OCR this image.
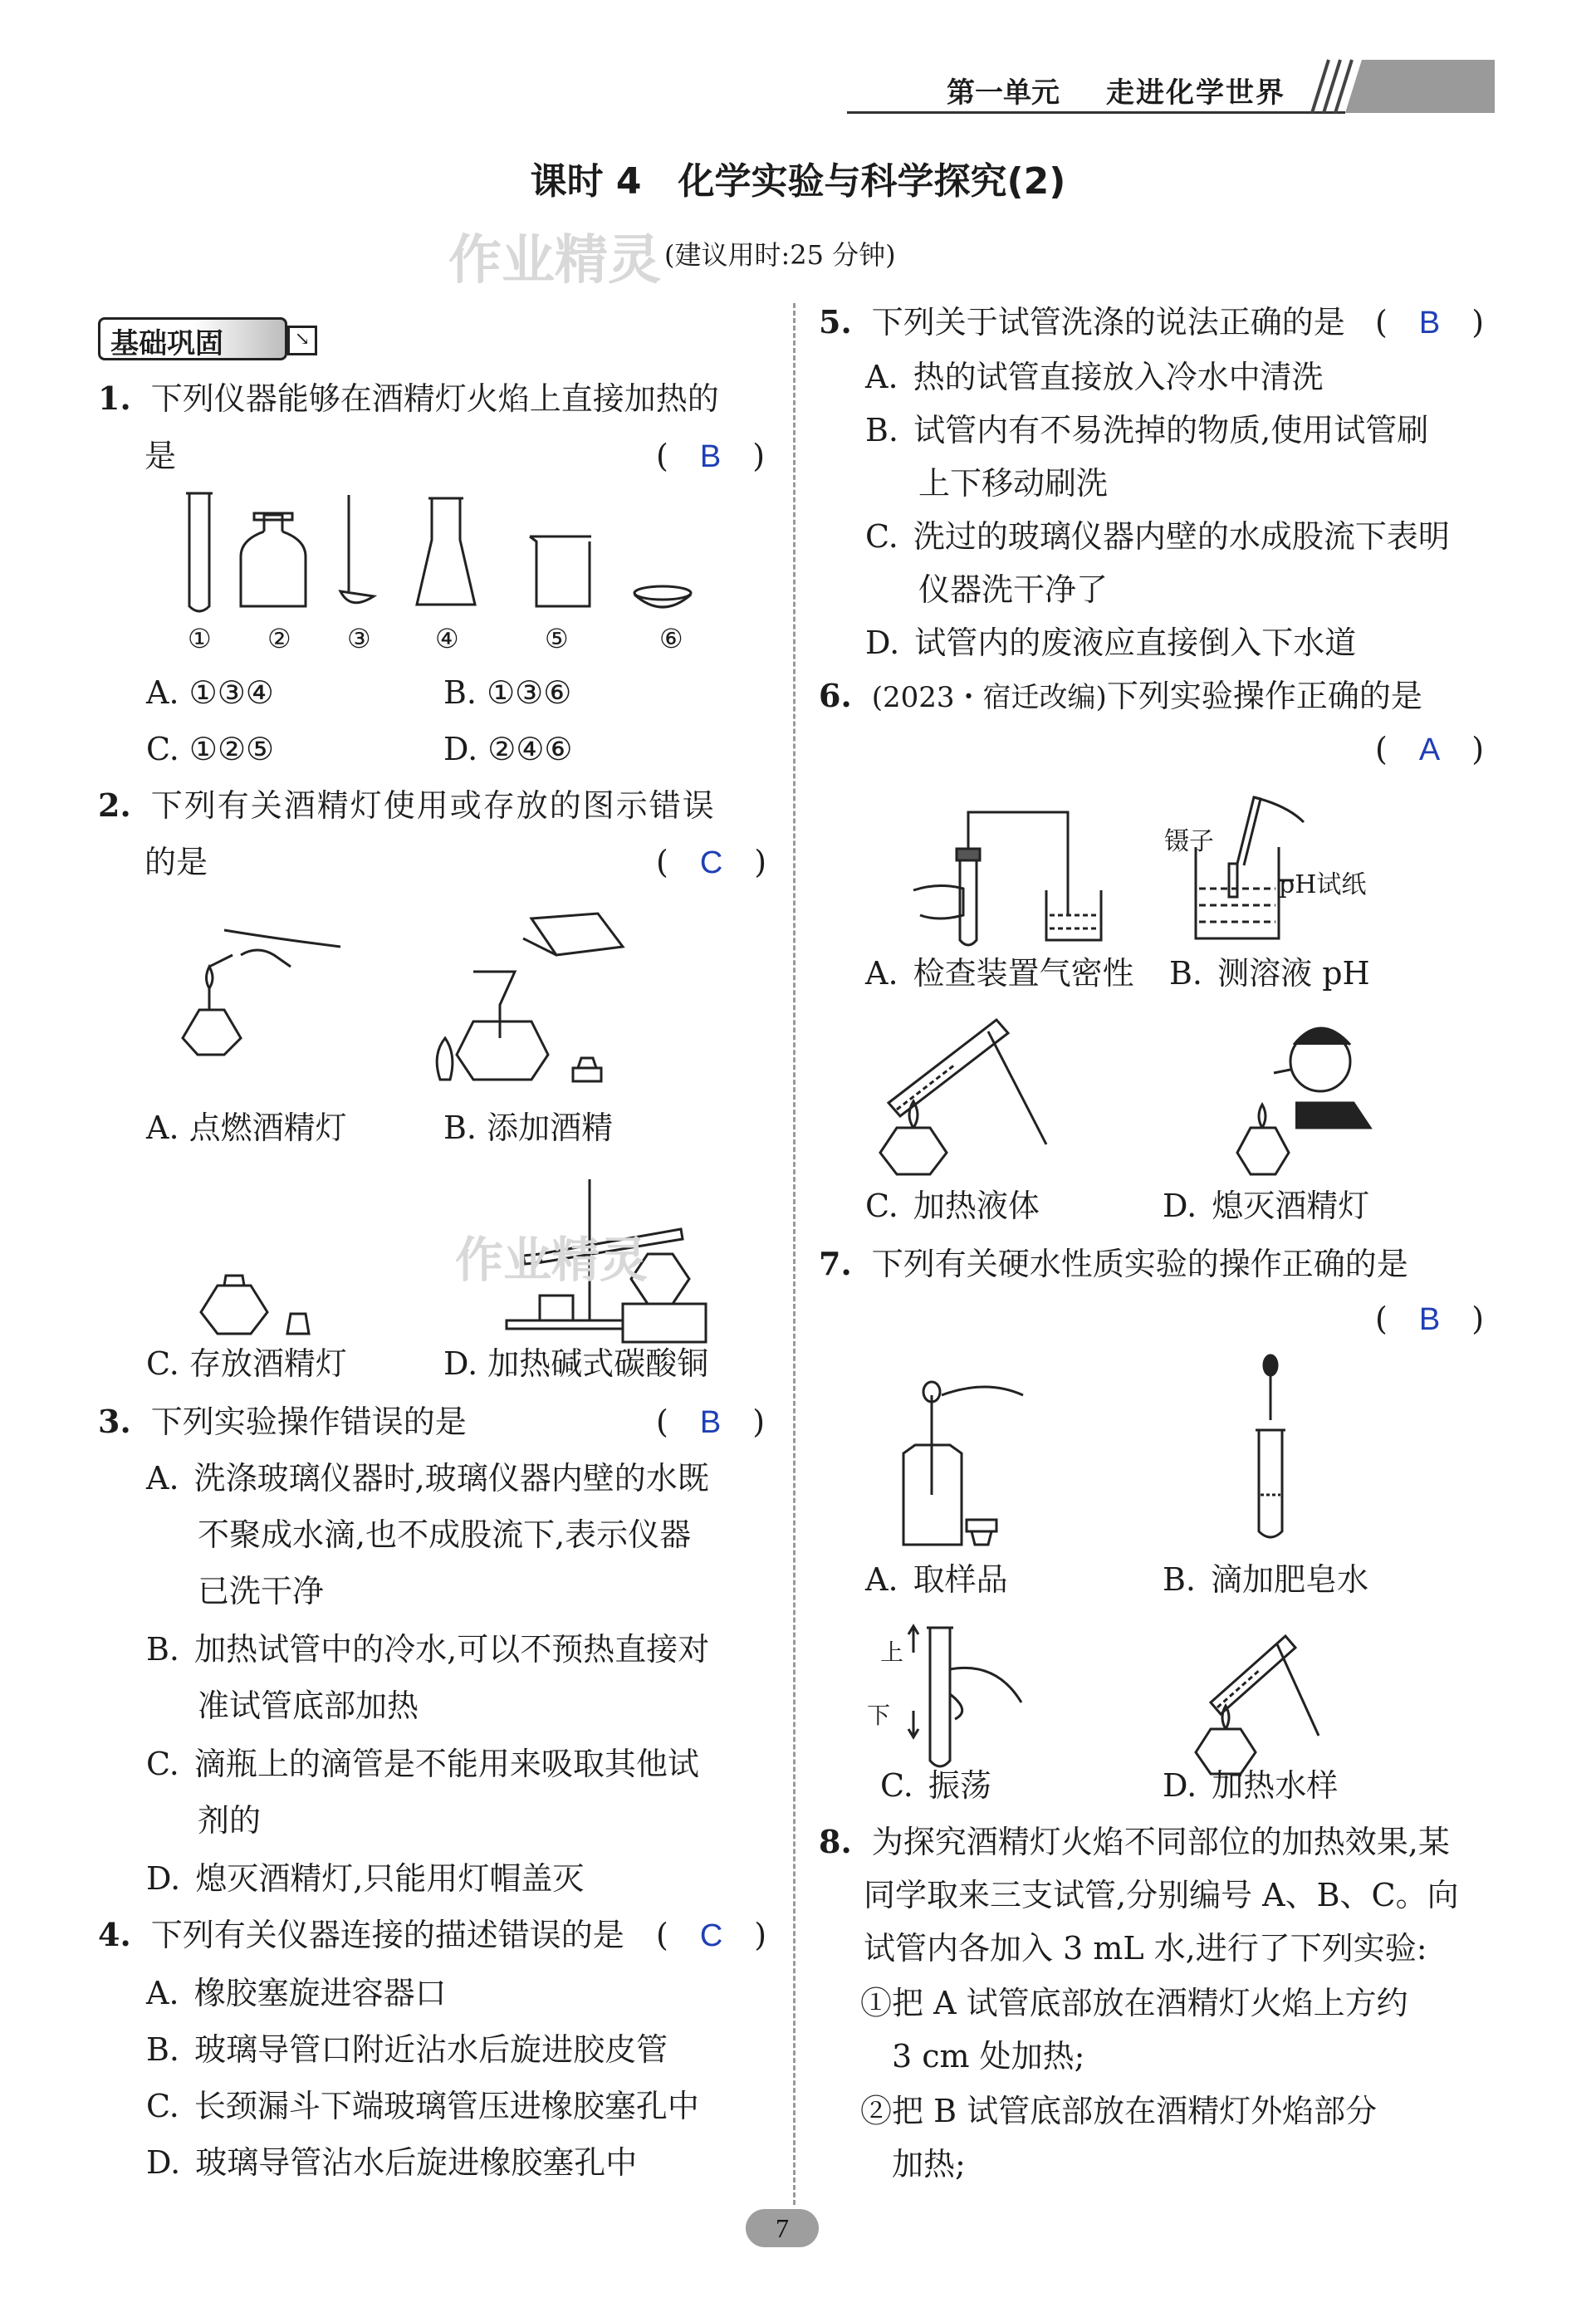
第一单元 走进化学世界
课时 4　化学实验与科学探究(2)
作业精灵 (建议用时:25 分钟)
基础巩固	↘
1. 下列仪器能够在酒精灯火焰上直接加热的
是	(　B　)
① ② ③ ④	⑤	⑥
A. ①③④	B. ①③⑥
C. ①②⑤	D. ②④⑥
2. 下列有关酒精灯使用或存放的图示错误
的是	(　C　)
A. 点燃酒精灯	B. 添加酒精
作业精灵
C. 存放酒精灯	D. 加热碱式碳酸铜
3. 下列实验操作错误的是	(　B　)
A. 洗涤玻璃仪器时,玻璃仪器内壁的水既
不聚成水滴,也不成股流下,表示仪器
已洗干净
B. 加热试管中的冷水,可以不预热直接对
准试管底部加热
C. 滴瓶上的滴管是不能用来吸取其他试
剂的
D. 熄灭酒精灯,只能用灯帽盖灭
4. 下列有关仪器连接的描述错误的是 (　C　)
A. 橡胶塞旋进容器口
B. 玻璃导管口附近沾水后旋进胶皮管
C. 长颈漏斗下端玻璃管压进橡胶塞孔中
D. 玻璃导管沾水后旋进橡胶塞孔中
5. 下列关于试管洗涤的说法正确的是 (　B　)
A. 热的试管直接放入冷水中清洗
B. 试管内有不易洗掉的物质,使用试管刷
上下移动刷洗
C. 洗过的玻璃仪器内壁的水成股流下表明
仪器洗干净了
D. 试管内的废液应直接倒入下水道
6. (2023・宿迁改编)下列实验操作正确的是
(　A　)
镊子
pH试纸
A. 检查装置气密性 B. 测溶液 pH
C. 加热液体	D. 熄灭酒精灯
7. 下列有关硬水性质实验的操作正确的是
(　B　)
A. 取样品	B. 滴加肥皂水
上
下
C. 振荡	D. 加热水样
8. 为探究酒精灯火焰不同部位的加热效果,某
同学取来三支试管,分别编号 A、B、C。向
试管内各加入 3 mL 水,进行了下列实验:
①把 A 试管底部放在酒精灯火焰上方约
3 cm 处加热;
②把 B 试管底部放在酒精灯外焰部分
加热;
7
